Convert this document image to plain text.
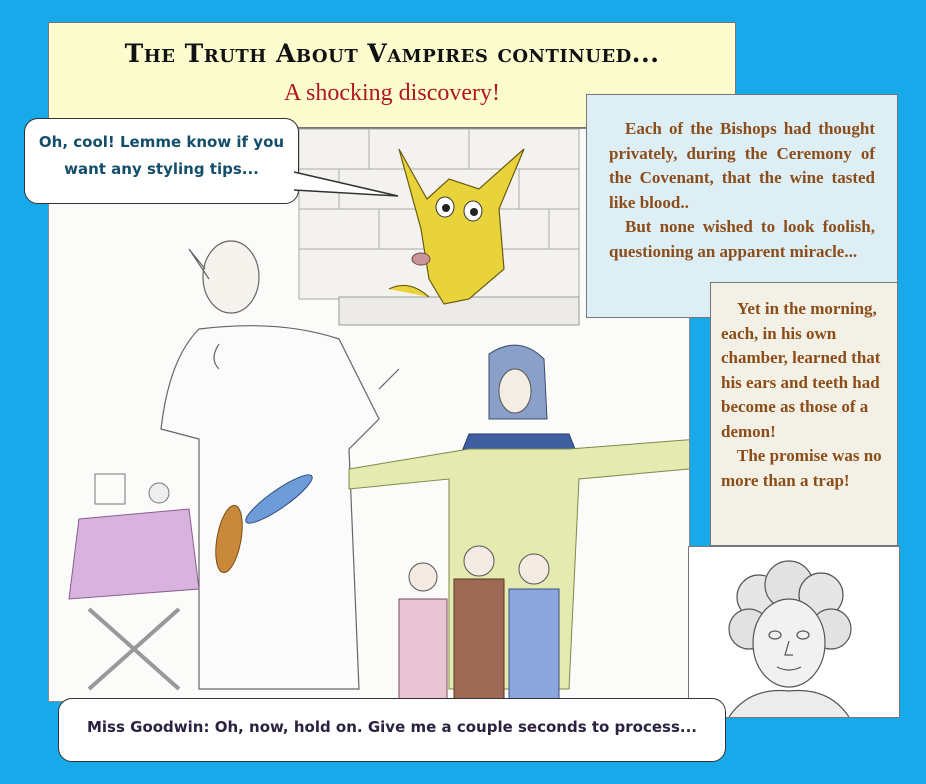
The Truth About Vampires continued...
A shocking discovery!
Oh, cool! Lemme know if you want any styling tips...

Each of the Bishops had thought privately, during the Ceremony of the Covenant, that the wine tasted like blood..

But none wished to look foolish, questioning an apparent miracle...

Yet in the morning, each, in his own chamber, learned that his ears and teeth had become as those of a demon!

The promise was no more than a trap!

Miss Goodwin: Oh, now, hold on. Give me a couple seconds to process...
